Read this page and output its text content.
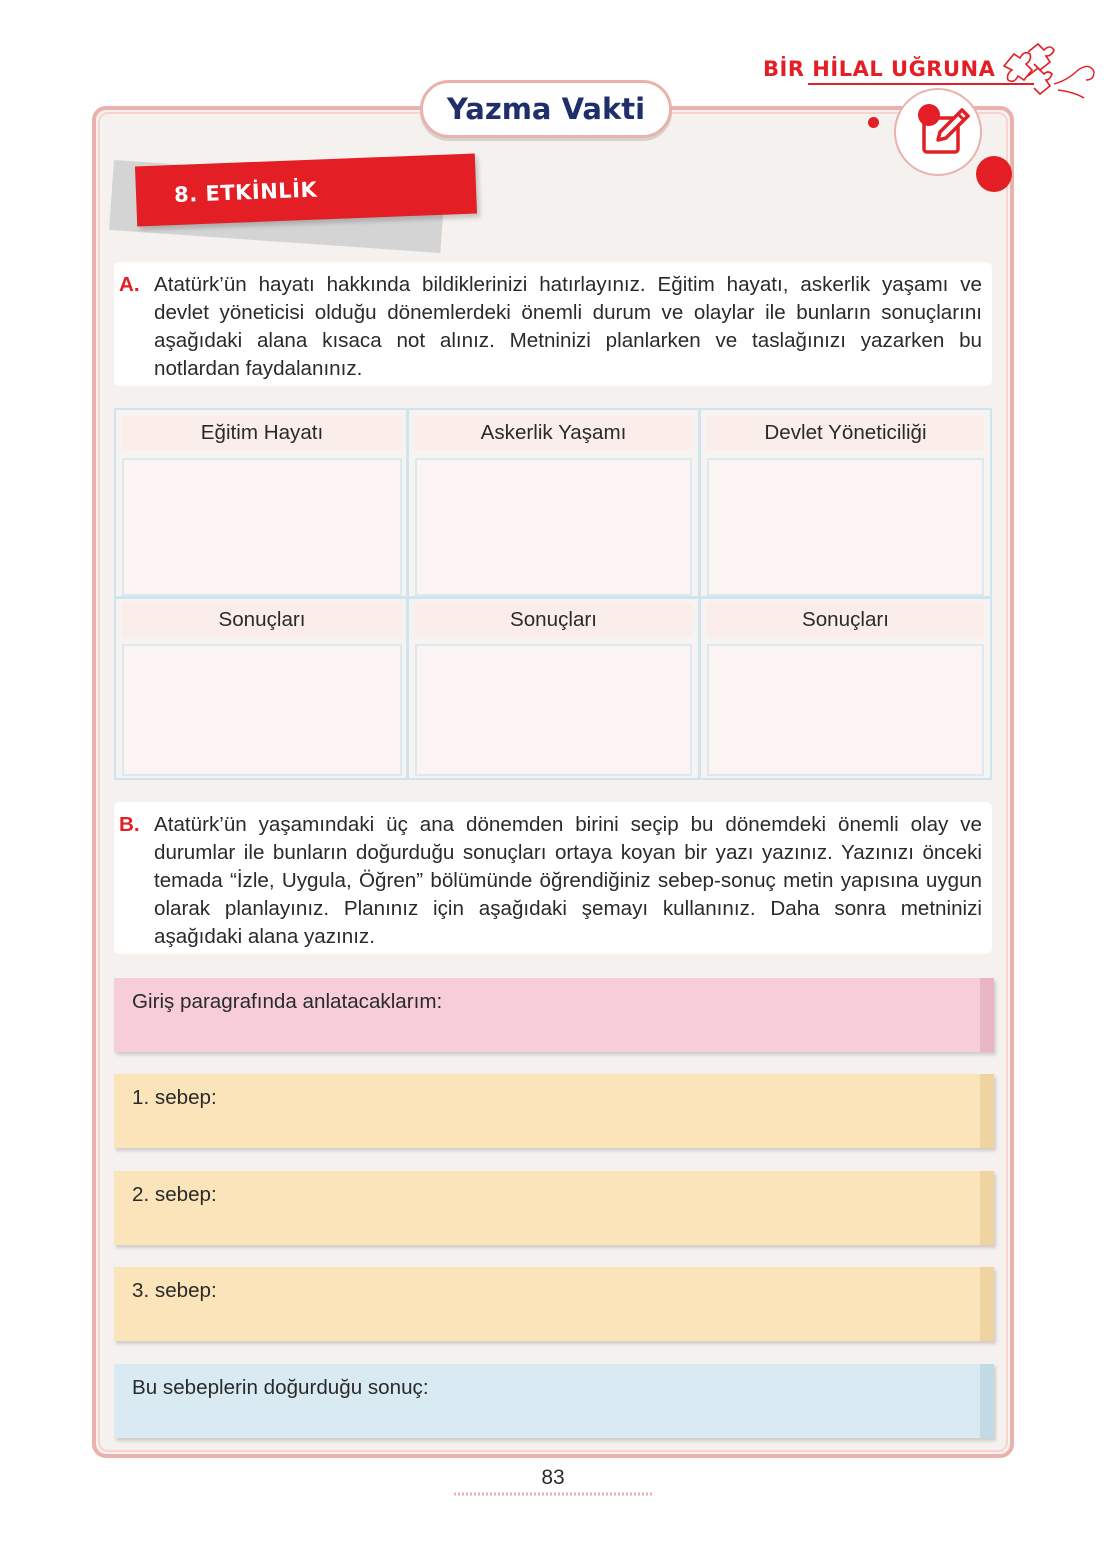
BİR HİLAL UĞRUNA
Yazma Vakti
8. ETKİNLİK
A. Atatürk’ün hayatı hakkında bildiklerinizi hatırlayınız. Eğitim hayatı, askerlik yaşamı ve devlet yöneticisi olduğu dönemlerdeki önemli durum ve olaylar ile bunların sonuçlarını aşağıdaki alana kısaca not alınız. Metninizi planlarken ve taslağınızı yazarken bu notlardan faydalanınız.
Eğitim Hayatı
Sonuçları
Askerlik Yaşamı
Sonuçları
Devlet Yöneticiliği
Sonuçları
B. Atatürk’ün yaşamındaki üç ana dönemden birini seçip bu dönemdeki önemli olay ve durumlar ile bunların doğurduğu sonuçları ortaya koyan bir yazı yazınız. Yazınızı önceki temada “İzle, Uygula, Öğren” bölümünde öğrendiğiniz sebep-sonuç metin yapısına uygun olarak planlayınız. Planınız için aşağıdaki şemayı kullanınız. Daha sonra metninizi aşağıdaki alana yazınız.
Giriş paragrafında anlatacaklarım:
1. sebep:
2. sebep:
3. sebep:
Bu sebeplerin doğurduğu sonuç:
83
